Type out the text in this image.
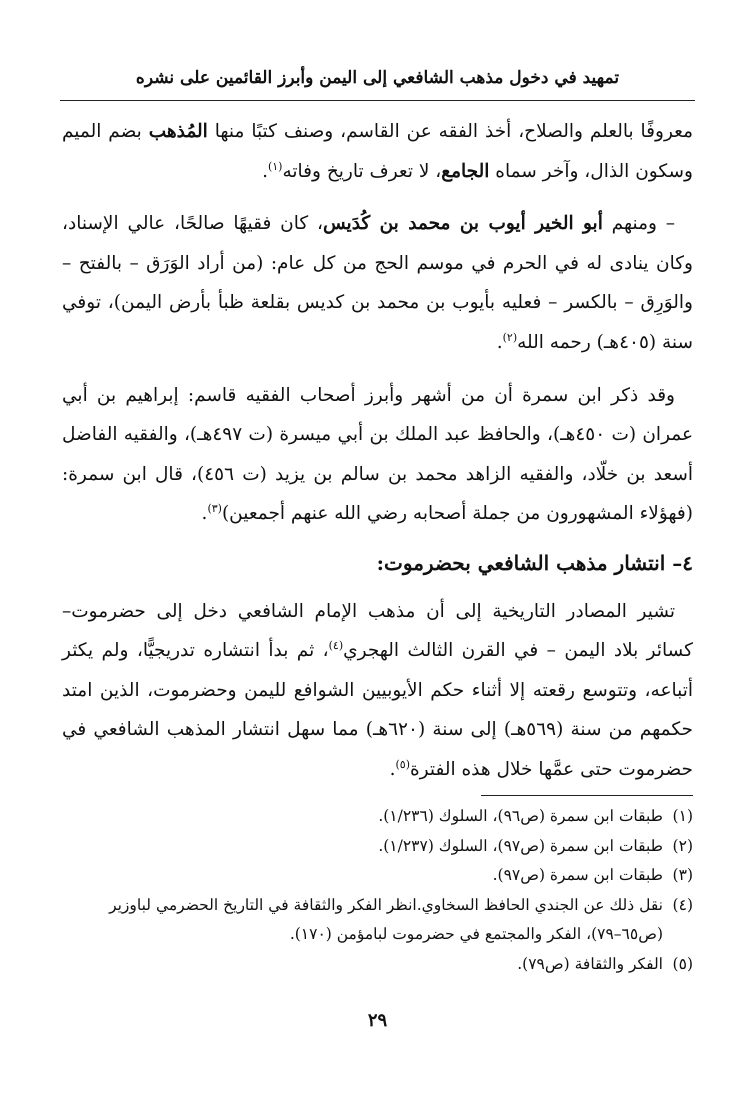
تمهيد في دخول مذهب الشافعي إلى اليمن وأبرز القائمين على نشره

معروفًا بالعلم والصلاح، أخذ الفقه عن القاسم، وصنف كتبًا منها المُذهب بضم الميم وسكون الذال، وآخر سماه الجامع، لا تعرف تاريخ وفاته$^{(١)}$.

– ومنهم أبو الخير أيوب بن محمد بن كُدَيس، كان فقيهًا صالحًا، عالي الإسناد، وكان ينادى له في الحرم في موسم الحج من كل عام: (من أراد الوَرَق – بالفتح – والوَرِق – بالكسر – فعليه بأيوب بن محمد بن كديس بقلعة ظبأ بأرض اليمن)، توفي سنة (٤٠٥هـ) رحمه الله$^{(٢)}$.

وقد ذكر ابن سمرة أن من أشهر وأبرز أصحاب الفقيه قاسم: إبراهيم بن أبي عمران (ت ٤٥٠هـ)، والحافظ عبد الملك بن أبي ميسرة (ت ٤٩٧هـ)، والفقيه الفاضل أسعد بن خلّاد، والفقيه الزاهد محمد بن سالم بن يزيد (ت ٤٥٦)، قال ابن سمرة: (فهؤلاء المشهورون من جملة أصحابه رضي الله عنهم أجمعين)$^{(٣)}$.

٤– انتشار مذهب الشافعي بحضرموت:

تشير المصادر التاريخية إلى أن مذهب الإمام الشافعي دخل إلى حضرموت– كسائر بلاد اليمن – في القرن الثالث الهجري$^{(٤)}$، ثم بدأ انتشاره تدريجيًّا، ولم يكثر أتباعه، وتتوسع رقعته إلا أثناء حكم الأيوبيين الشوافع لليمن وحضرموت، الذين امتد حكمهم من سنة (٥٦٩هـ) إلى سنة (٦٢٠هـ) مما سهل انتشار المذهب الشافعي في حضرموت حتى عمَّها خلال هذه الفترة$^{(٥)}$.

(١)
طبقات ابن سمرة (ص٩٦)، السلوك (١/٢٣٦).
(٢)
طبقات ابن سمرة (ص٩٧)، السلوك (١/٢٣٧).
(٣)
طبقات ابن سمرة (ص٩٧).
(٤)
نقل ذلك عن الجندي الحافظ السخاوي.انظر الفكر والثقافة في التاريخ الحضرمي لباوزير (ص٦٥–٧٩)، الفكر والمجتمع في حضرموت لبامؤمن (١٧٠).
(٥)
الفكر والثقافة (ص٧٩).
٢٩
